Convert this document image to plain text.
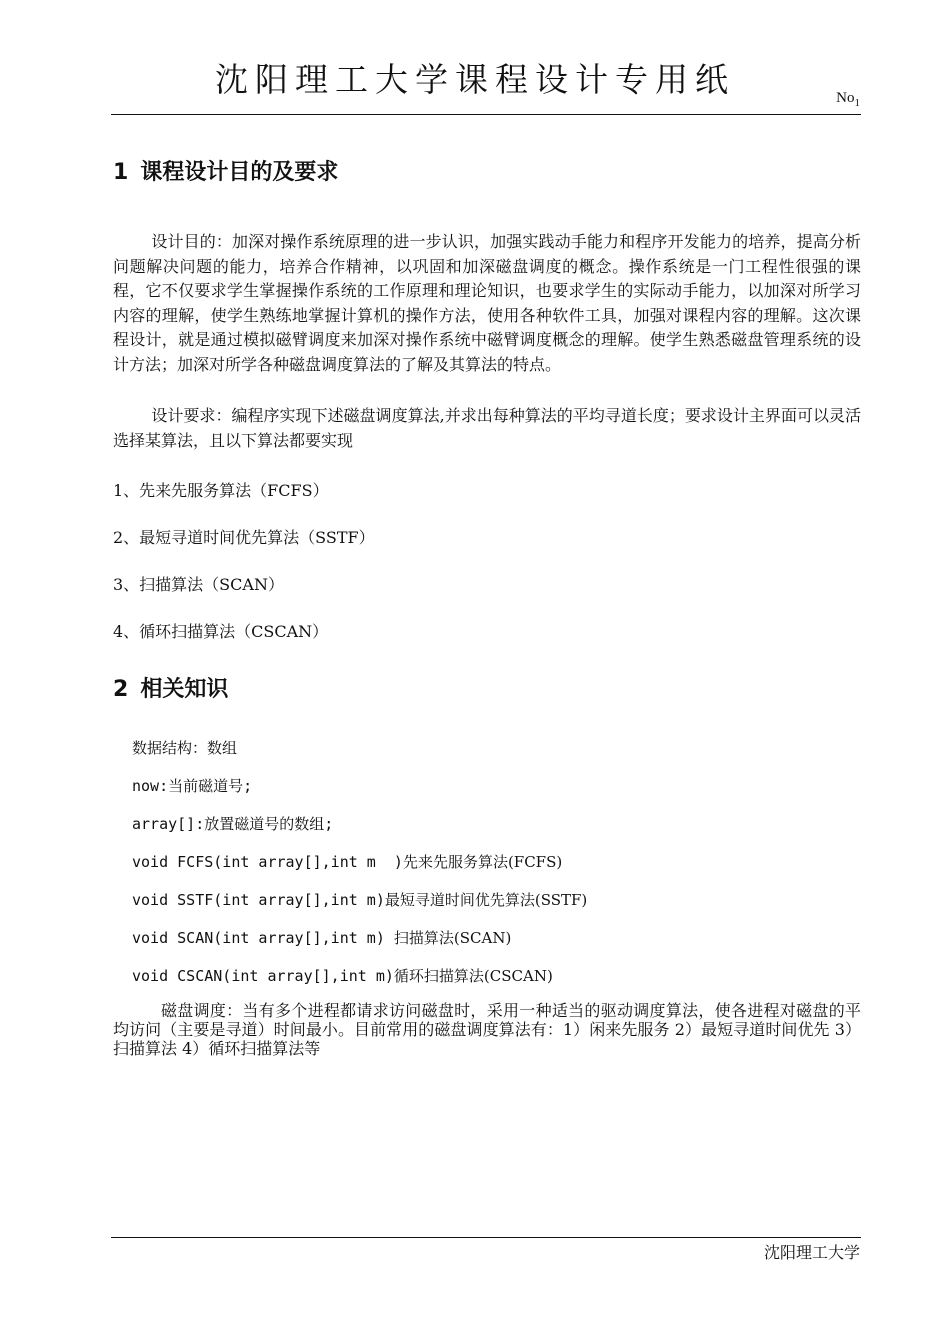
沈阳理工大学课程设计专用纸	$No_1$
1 课程设计目的及要求

设计目的：加深对操作系统原理的进一步认识，加强实践动手能力和程序开发能力的培养，提高分析问题解决问题的能力，培养合作精神，以巩固和加深磁盘调度的概念。操作系统是一门工程性很强的课程，它不仅要求学生掌握操作系统的工作原理和理论知识，也要求学生的实际动手能力，以加深对所学习内容的理解，使学生熟练地掌握计算机的操作方法，使用各种软件工具，加强对课程内容的理解。这次课程设计，就是通过模拟磁臂调度来加深对操作系统中磁臂调度概念的理解。使学生熟悉磁盘管理系统的设计方法；加深对所学各种磁盘调度算法的了解及其算法的特点。

设计要求：编程序实现下述磁盘调度算法,并求出每种算法的平均寻道长度；要求设计主界面可以灵活选择某算法，且以下算法都要实现

1、先来先服务算法（FCFS）

2、最短寻道时间优先算法（SSTF）

3、扫描算法（SCAN）

4、循环扫描算法（CSCAN）

2 相关知识

数据结构：数组

now:当前磁道号;

array[]:放置磁道号的数组;

void FCFS(int array[],int m  )先来先服务算法(FCFS)

void SSTF(int array[],int m)最短寻道时间优先算法(SSTF)

void SCAN(int array[],int m) 扫描算法(SCAN)

void CSCAN(int array[],int m)循环扫描算法(CSCAN)

磁盘调度：当有多个进程都请求访问磁盘时，采用一种适当的驱动调度算法，使各进程对磁盘的平均访问（主要是寻道）时间最小。目前常用的磁盘调度算法有：1）闲来先服务 2）最短寻道时间优先 3）扫描算法 4）循环扫描算法等

沈阳理工大学
